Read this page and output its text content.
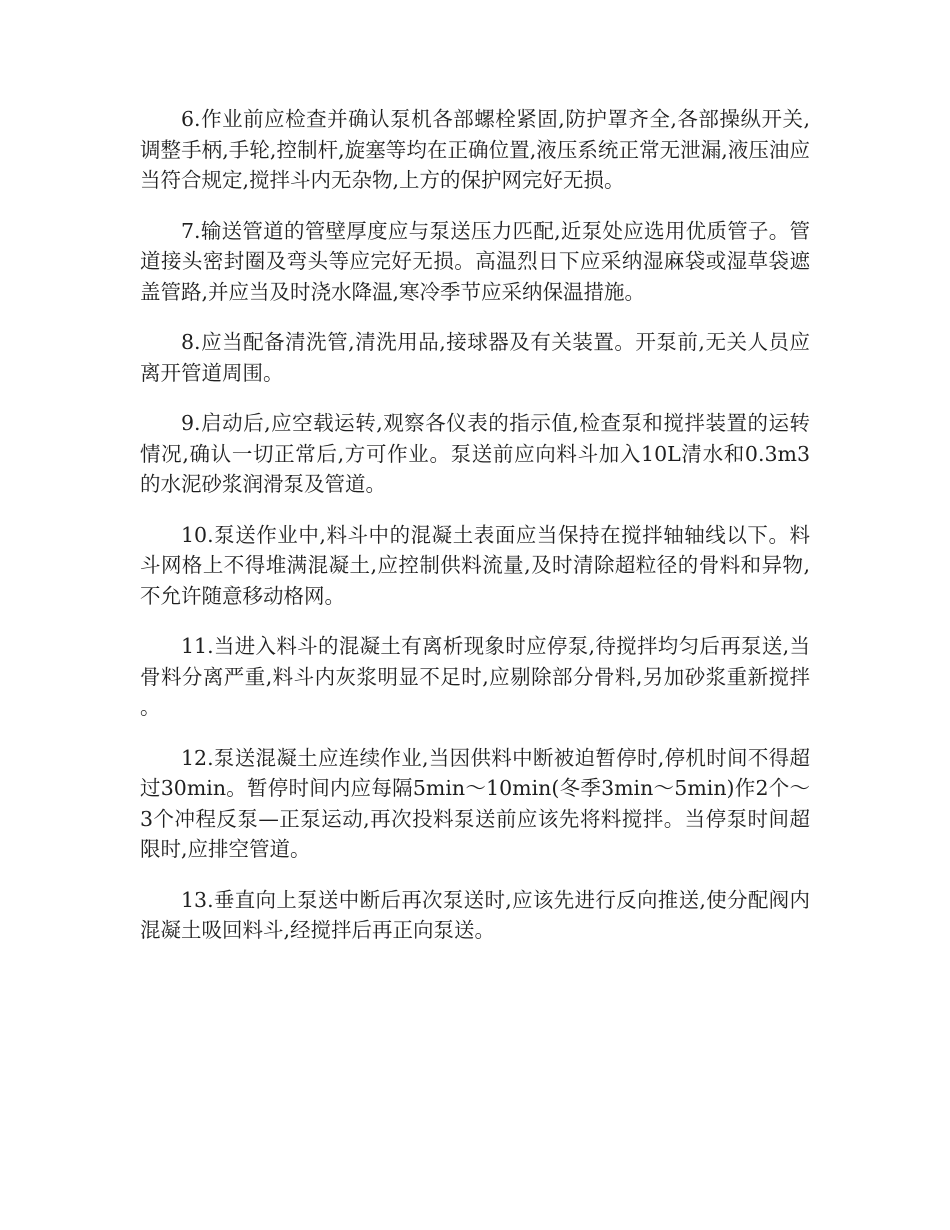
6.作业前应检查并确认泵机各部螺栓紧固,防护罩齐全,各部操纵开关,调整手柄,手轮,控制杆,旋塞等均在正确位置,液压系统正常无泄漏,液压油应当符合规定,搅拌斗内无杂物,上方的保护网完好无损。

7.输送管道的管壁厚度应与泵送压力匹配,近泵处应选用优质管子。管道接头密封圈及弯头等应完好无损。高温烈日下应采纳湿麻袋或湿草袋遮盖管路,并应当及时浇水降温,寒冷季节应采纳保温措施。

8.应当配备清洗管,清洗用品,接球器及有关装置。开泵前,无关人员应离开管道周围。

9.启动后,应空载运转,观察各仪表的指示值,检查泵和搅拌装置的运转情况,确认一切正常后,方可作业。泵送前应向料斗加入10L清水和0.3m3的水泥砂浆润滑泵及管道。

10.泵送作业中,料斗中的混凝土表面应当保持在搅拌轴轴线以下。料斗网格上不得堆满混凝土,应控制供料流量,及时清除超粒径的骨料和异物,不允许随意移动格网。

11.当进入料斗的混凝土有离析现象时应停泵,待搅拌均匀后再泵送,当骨料分离严重,料斗内灰浆明显不足时,应剔除部分骨料,另加砂浆重新搅拌。

12.泵送混凝土应连续作业,当因供料中断被迫暂停时,停机时间不得超过30min。暂停时间内应每隔5min～10min(冬季3min～5min)作2个～3个冲程反泵—正泵运动,再次投料泵送前应该先将料搅拌。当停泵时间超限时,应排空管道。

13.垂直向上泵送中断后再次泵送时,应该先进行反向推送,使分配阀内混凝土吸回料斗,经搅拌后再正向泵送。
